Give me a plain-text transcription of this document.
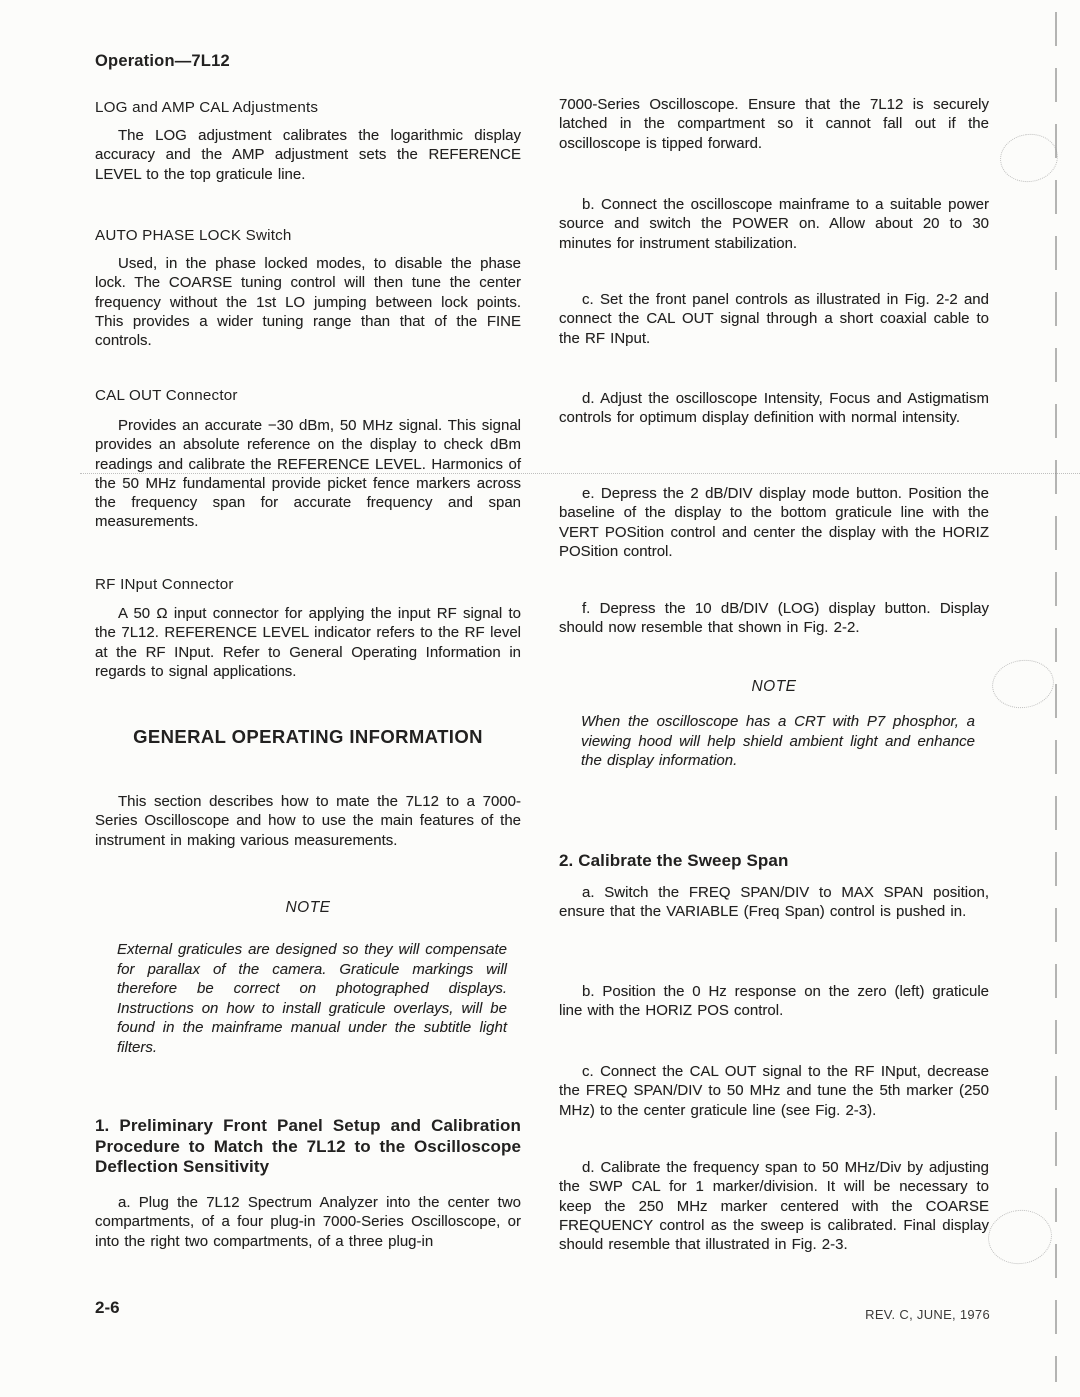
Operation—7L12
LOG and AMP CAL Adjustments
The LOG adjustment calibrates the logarithmic display accuracy and the AMP adjustment sets the REFERENCE LEVEL to the top graticule line.
AUTO PHASE LOCK Switch
Used, in the phase locked modes, to disable the phase lock. The COARSE tuning control will then tune the center frequency without the 1st LO jumping between lock points. This provides a wider tuning range than that of the FINE controls.
CAL OUT Connector
Provides an accurate −30 dBm, 50 MHz signal. This signal provides an absolute reference on the display to check dBm readings and calibrate the REFERENCE LEVEL. Harmonics of the 50 MHz fundamental provide picket fence markers across the frequency span for accurate frequency and span measurements.
RF INput Connector
A 50 Ω input connector for applying the input RF signal to the 7L12. REFERENCE LEVEL indicator refers to the RF level at the RF INput. Refer to General Operating Information in regards to signal applications.
GENERAL OPERATING INFORMATION
This section describes how to mate the 7L12 to a 7000-Series Oscilloscope and how to use the main features of the instrument in making various measurements.
NOTE
External graticules are designed so they will compensate for parallax of the camera. Graticule markings will therefore be correct on photographed displays. Instructions on how to install graticule overlays, will be found in the mainframe manual under the subtitle light filters.
1. Preliminary Front Panel Setup and Calibration Procedure to Match the 7L12 to the Oscilloscope Deflection Sensitivity
a. Plug the 7L12 Spectrum Analyzer into the center two compartments, of a four plug-in 7000-Series Oscilloscope, or into the right two compartments, of a three plug-in
7000-Series Oscilloscope. Ensure that the 7L12 is securely latched in the compartment so it cannot fall out if the oscilloscope is tipped forward.
b. Connect the oscilloscope mainframe to a suitable power source and switch the POWER on. Allow about 20 to 30 minutes for instrument stabilization.
c. Set the front panel controls as illustrated in Fig. 2-2 and connect the CAL OUT signal through a short coaxial cable to the RF INput.
d. Adjust the oscilloscope Intensity, Focus and Astigmatism controls for optimum display definition with normal intensity.
e. Depress the 2 dB/DIV display mode button. Position the baseline of the display to the bottom graticule line with the VERT POSition control and center the display with the HORIZ POSition control.
f. Depress the 10 dB/DIV (LOG) display button. Display should now resemble that shown in Fig. 2-2.
NOTE
When the oscilloscope has a CRT with P7 phosphor, a viewing hood will help shield ambient light and enhance the display information.
2. Calibrate the Sweep Span
a. Switch the FREQ SPAN/DIV to MAX SPAN position, ensure that the VARIABLE (Freq Span) control is pushed in.
b. Position the 0 Hz response on the zero (left) graticule line with the HORIZ POS control.
c. Connect the CAL OUT signal to the RF INput, decrease the FREQ SPAN/DIV to 50 MHz and tune the 5th marker (250 MHz) to the center graticule line (see Fig. 2-3).
d. Calibrate the frequency span to 50 MHz/Div by adjusting the SWP CAL for 1 marker/division. It will be necessary to keep the 250 MHz marker centered with the COARSE FREQUENCY control as the sweep is calibrated. Final display should resemble that illustrated in Fig. 2-3.
2-6	REV. C, JUNE, 1976
